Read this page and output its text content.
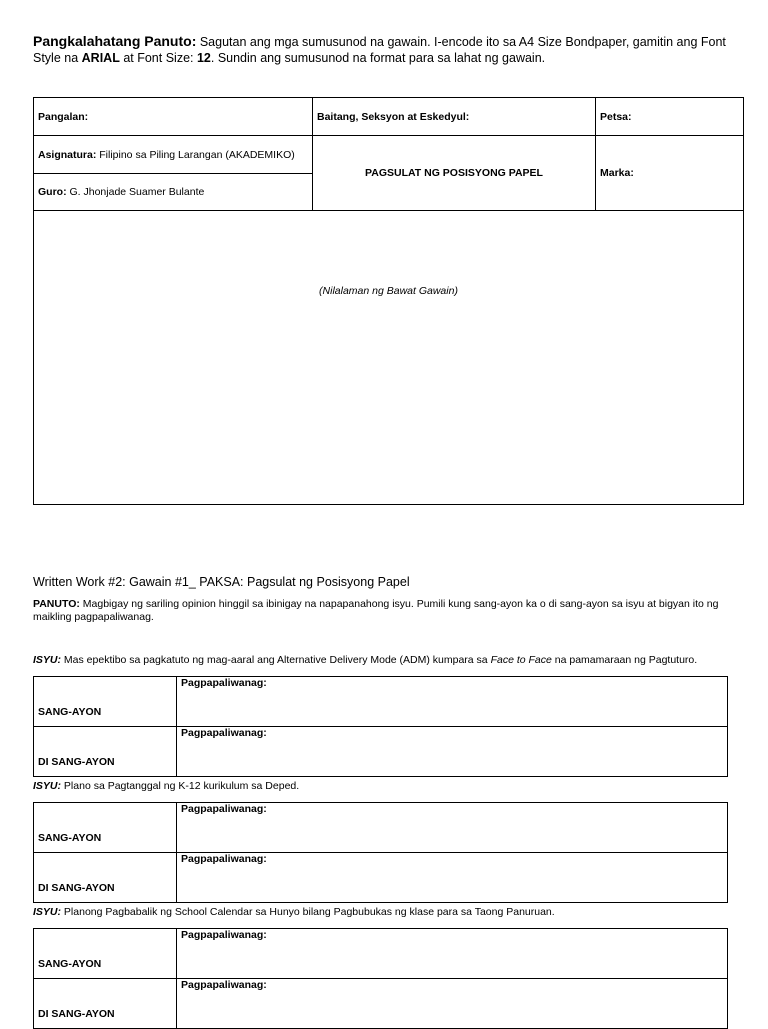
Pangkalahatang Panuto: Sagutan ang mga sumusunod na gawain. I-encode ito sa A4 Size Bondpaper, gamitin ang Font Style na ARIAL at Font Size: 12. Sundin ang sumusunod na format para sa lahat ng gawain.
Pangalan:	Baitang, Seksyon at Eskedyul:	Petsa:
Asignatura: Filipino sa Piling Larangan (AKADEMIKO)	PAGSULAT NG POSISYONG PAPEL	Marka:
Guro: G. Jhonjade Suamer Bulante		
(Nilalaman ng Bawat Gawain)
Written Work #2: Gawain #1_ PAKSA: Pagsulat ng Posisyong Papel
PANUTO: Magbigay ng sariling opinion hinggil sa ibinigay na napapanahong isyu. Pumili kung sang-ayon ka o di sang-ayon sa isyu at bigyan ito ng maikling pagpapaliwanag.
ISYU: Mas epektibo sa pagkatuto ng mag-aaral ang Alternative Delivery Mode (ADM) kumpara sa Face to Face na pamamaraan ng Pagtuturo.
SANG-AYON	Pagpapaliwanag:
DI SANG-AYON	Pagpapaliwanag:
ISYU: Plano sa Pagtanggal ng K-12 kurikulum sa Deped.
SANG-AYON	Pagpapaliwanag:
DI SANG-AYON	Pagpapaliwanag:
ISYU: Planong Pagbabalik ng School Calendar sa Hunyo bilang Pagbubukas ng klase para sa Taong Panuruan.
SANG-AYON	Pagpapaliwanag:
DI SANG-AYON	Pagpapaliwanag:
